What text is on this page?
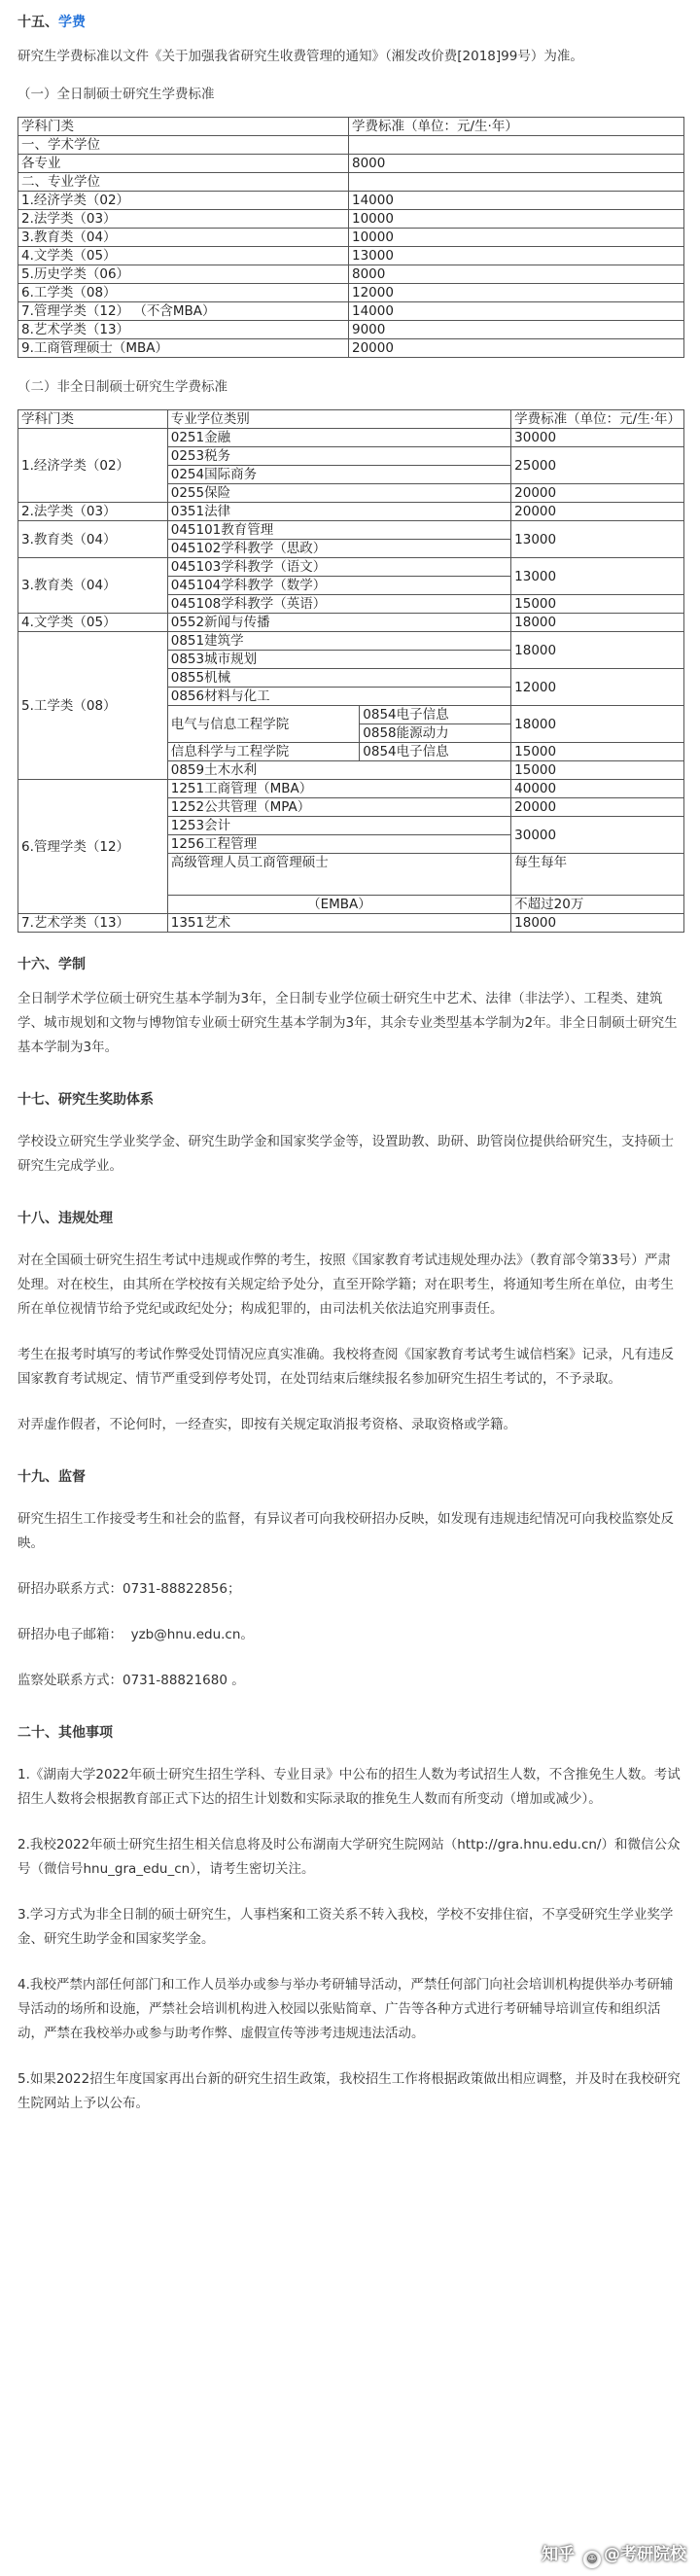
十五、学费

研究生学费标准以文件《关于加强我省研究生收费管理的通知》（湘发改价费[2018]99号）为准。

（一）全日制硕士研究生学费标准

学科门类	学费标准（单位：元/生·年）
一、学术学位	
各专业	8000
二、专业学位	
1.经济学类（02）	14000
2.法学类（03）	10000
3.教育类（04）	10000
4.文学类（05）	13000
5.历史学类（06）	8000
6.工学类（08）	12000
7.管理学类（12） （不含MBA）	14000
8.艺术学类（13）	9000
9.工商管理硕士（MBA）	20000

（二）非全日制硕士研究生学费标准

学科门类	专业学位类别		学费标准（单位：元/生·年）
1.经济学类（02）	0251金融		30000
	0253税务		25000
	0254国际商务		
	0255保险		20000
2.法学类（03）	0351法律		20000
3.教育类（04）	045101教育管理		13000
	045102学科教学（思政）		
3.教育类（04）	045103学科教学（语文）		13000
	045104学科教学（数学）		
	045108学科教学（英语）		15000
4.文学类（05）	0552新闻与传播		18000
5.工学类（08）	0851建筑学		18000
	0853城市规划		
	0855机械		12000
	0856材料与化工		
	电气与信息工程学院	0854电子信息	18000
		0858能源动力	
	信息科学与工程学院	0854电子信息	15000
	0859土木水利		15000
6.管理学类（12）	1251工商管理（MBA）		40000
	1252公共管理（MPA）		20000
	1253会计		30000
	1256工程管理		
	高级管理人员工商管理硕士		每生每年
	（EMBA）		不超过20万
7.艺术学类（13）	1351艺术		18000
十六、学制

全日制学术学位硕士研究生基本学制为3年，全日制专业学位硕士研究生中艺术、法律（非法学）、工程类、建筑学、城市规划和文物与博物馆专业硕士研究生基本学制为3年，其余专业类型基本学制为2年。非全日制硕士研究生基本学制为3年。

十七、研究生奖助体系

学校设立研究生学业奖学金、研究生助学金和国家奖学金等，设置助教、助研、助管岗位提供给研究生，支持硕士研究生完成学业。

十八、违规处理

对在全国硕士研究生招生考试中违规或作弊的考生，按照《国家教育考试违规处理办法》（教育部令第33号）严肃处理。对在校生，由其所在学校按有关规定给予处分，直至开除学籍；对在职考生，将通知考生所在单位，由考生所在单位视情节给予党纪或政纪处分；构成犯罪的，由司法机关依法追究刑事责任。

考生在报考时填写的考试作弊受处罚情况应真实准确。我校将查阅《国家教育考试考生诚信档案》记录，凡有违反国家教育考试规定、情节严重受到停考处罚，在处罚结束后继续报名参加研究生招生考试的，不予录取。

对弄虚作假者，不论何时，一经查实，即按有关规定取消报考资格、录取资格或学籍。

十九、监督

研究生招生工作接受考生和社会的监督，有异议者可向我校研招办反映，如发现有违规违纪情况可向我校监察处反映。

研招办联系方式：0731-88822856；

研招办电子邮箱： yzb@hnu.edu.cn。

监察处联系方式：0731-88821680 。

二十、其他事项

1.《湖南大学2022年硕士研究生招生学科、专业目录》中公布的招生人数为考试招生人数，不含推免生人数。考试招生人数将会根据教育部正式下达的招生计划数和实际录取的推免生人数而有所变动（增加或减少）。

2.我校2022年硕士研究生招生相关信息将及时公布湖南大学研究生院网站（http://gra.hnu.edu.cn/）和微信公众号（微信号hnu_gra_edu_cn），请考生密切关注。

3.学习方式为非全日制的硕士研究生，人事档案和工资关系不转入我校，学校不安排住宿，不享受研究生学业奖学金、研究生助学金和国家奖学金。

4.我校严禁内部任何部门和工作人员举办或参与举办考研辅导活动，严禁任何部门向社会培训机构提供举办考研辅导活动的场所和设施，严禁社会培训机构进入校园以张贴简章、广告等各种方式进行考研辅导培训宣传和组织活动，严禁在我校举办或参与助考作弊、虚假宣传等涉考违规违法活动。

5.如果2022招生年度国家再出台新的研究生招生政策，我校招生工作将根据政策做出相应调整，并及时在我校研究生院网站上予以公布。

知乎 ☺ @考研院校
